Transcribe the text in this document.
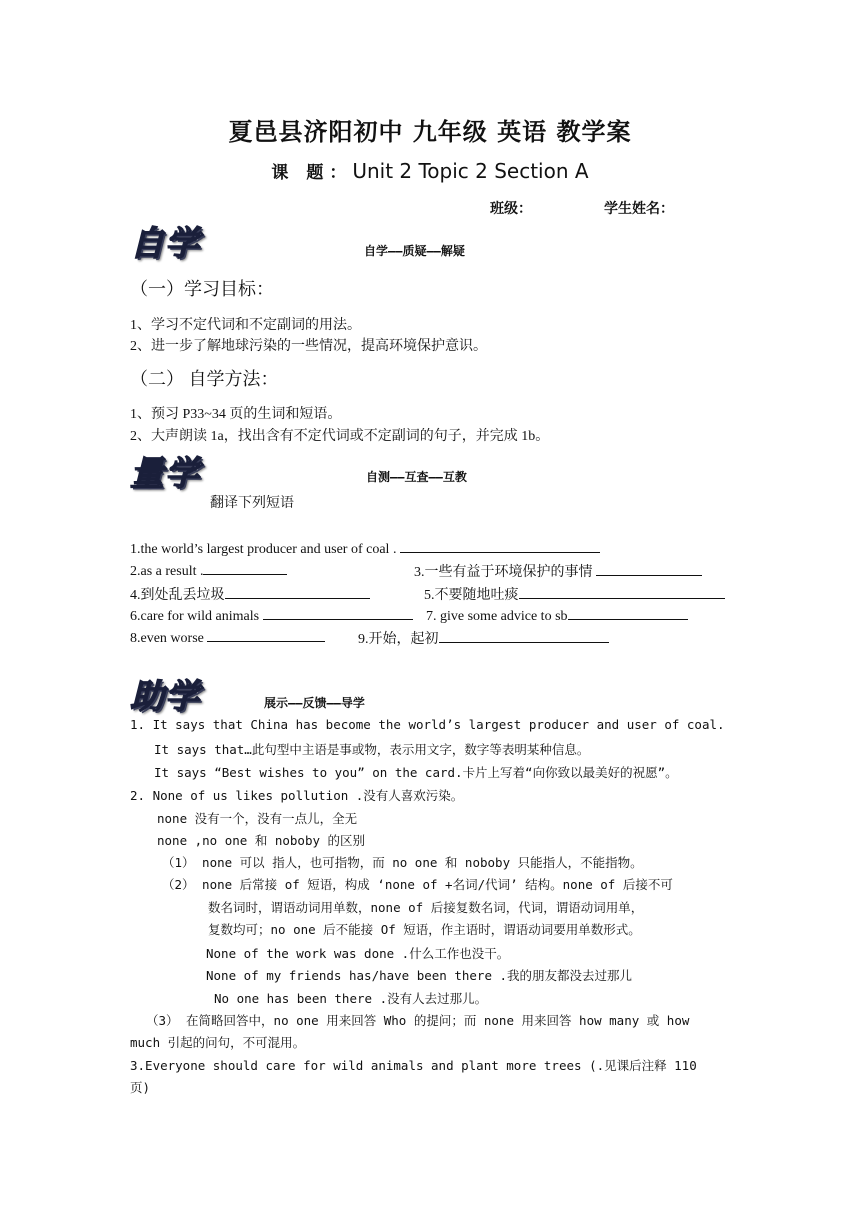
夏邑县济阳初中 九年级 英语 教学案
课 题：Unit 2 Topic 2 Section A
班级：	学生姓名：
自学	自学——质疑——解疑
（一）学习目标：
1、学习不定代词和不定副词的用法。
2、进一步了解地球污染的一些情况，提高环境保护意识。
（二） 自学方法：
1、预习 P33~34 页的生词和短语。
2、大声朗读 1a，找出含有不定代词或不定副词的句子，并完成 1b。
量学	自测——互查——互教
翻译下列短语
1.the world’s largest producer and user of coal .
2.as a result .	3.一些有益于环境保护的事情
4.到处乱丢垃圾	5.不要随地吐痰
6.care for wild animals	7. give some advice to sb
8.even worse	9.开始，起初
助学	展示——反馈——导学
1. It says that China has become the world’s largest producer and user of coal.
It says that…此句型中主语是事或物，表示用文字，数字等表明某种信息。
It says “Best wishes to you” on the card.卡片上写着“向你致以最美好的祝愿”。
2. None of us likes pollution .没有人喜欢污染。
none 没有一个，没有一点儿，全无
none ,no one 和 noboby 的区别
（1） none 可以 指人，也可指物，而 no one 和 noboby 只能指人，不能指物。
（2） none 后常接 of 短语，构成 ‘none of +名词/代词’ 结构。none of 后接不可
数名词时，谓语动词用单数，none of 后接复数名词，代词，谓语动词用单，
复数均可；no one 后不能接 Of 短语，作主语时，谓语动词要用单数形式。
None of the work was done .什么工作也没干。
None of my friends has/have been there .我的朋友都没去过那儿
No one has been there .没有人去过那儿。
（3） 在简略回答中，no one 用来回答 Who 的提问；而 none 用来回答 how many 或 how
much 引起的问句，不可混用。
3.Everyone should care for wild animals and plant more trees (.见课后注释 110
页)
